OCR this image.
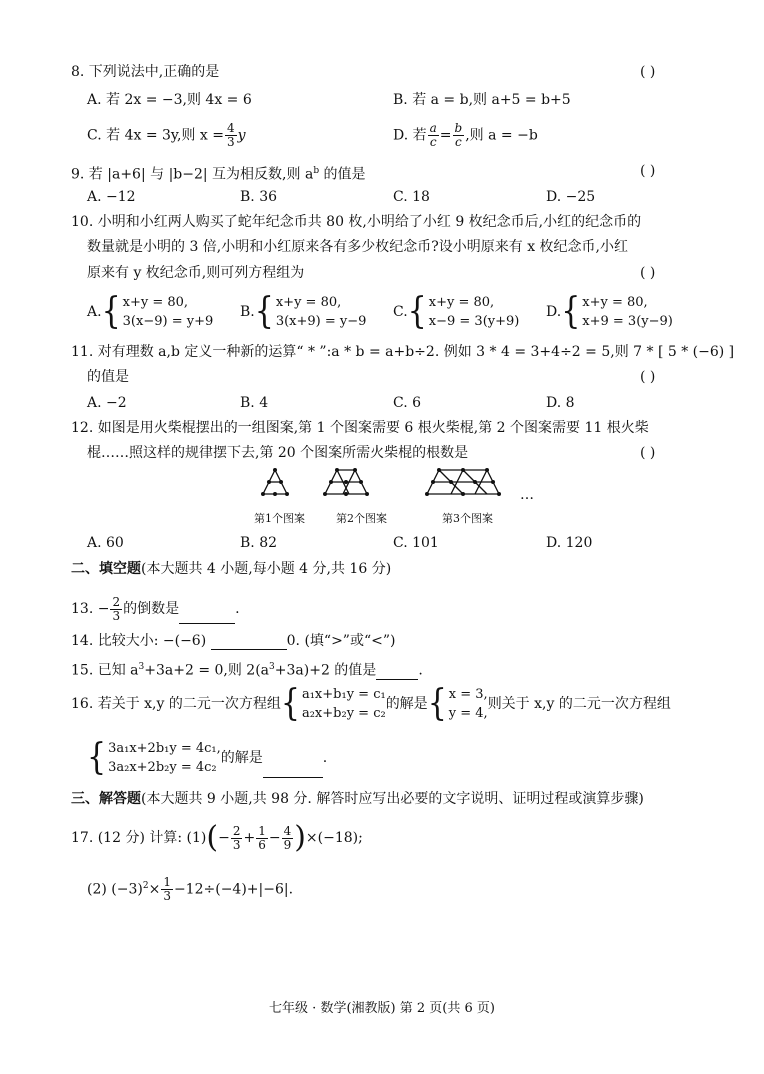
8. 下列说法中,正确的是	( )
A. 若 2x = −3,则 4x = 6	B. 若 a = b,则 a+5 = b+5
C. 若 4x = 3y,则 $x = \frac{4}{3}$ y	D. 若 $\frac{a}{c} = \frac{b}{c}$ ,则 a = −b
9. 若 |a+6| 与 |b−2| 互为相反数,则 $a^b$ 的值是	( )
A. −12	B. 36	C. 18	D. −25
10. 小明和小红两人购买了蛇年纪念币共 80 枚,小明给了小红 9 枚纪念币后,小红的纪念币的
数量就是小明的 3 倍,小明和小红原来各有多少枚纪念币?设小明原来有 x 枚纪念币,小红
原来有 y 枚纪念币,则可列方程组为	( )
A.{ x+y = 80,
3(x−9) = y+9
B.{ x+y = 80,
3(x+9) = y−9
C.{ x+y = 80,
x−9 = 3(y+9)
D.{ x+y = 80,
x+9 = 3(y−9)
11. 对有理数 a,b 定义一种新的运算“ * ”:a * b = a+b÷2. 例如 3 * 4 = 3+4÷2 = 5,则 7 * [ 5 * (−6) ]
的值是	( )
A. −2	B. 4	C. 6	D. 8
12. 如图是用火柴棍摆出的一组图案,第 1 个图案需要 6 根火柴棍,第 2 个图案需要 11 根火柴
棍……照这样的规律摆下去,第 20 个图案所需火柴棍的根数是	( )
第1个图案	第2个图案	第3个图案
…
A. 60	B. 82	C. 101	D. 120
二、填空题(本大题共 4 小题,每小题 4 分,共 16 分)
13. − $\frac{2}{3}$ 的倒数是	.
14. 比较大小: −(−6)	0. (填“>”或“<”)
15. 已知 $a^3+3a+2 = 0$,则 $2(a^3+3a)+2$ 的值是	.
16. 若关于 x,y 的二元一次方程组{ a₁x+b₁y = c₁
a₂x+b₂y = c₂
的解是{ x = 3,
y = 4,
则关于 x,y 的二元一次方程组
{ 3a₁x+2b₁y = 4c₁,
3a₂x+2b₂y = 4c₂
的解是	.
三、解答题(本大题共 9 小题,共 98 分. 解答时应写出必要的文字说明、证明过程或演算步骤)
17. (12 分) 计算: $(1)(- \frac{2}{3} + \frac{1}{6} - \frac{4}{9} )\times(-18)$;
(2) $(-3)^2\times \frac{1}{3} -12\div(-4)+|-6|$.
七年级 · 数学(湘教版) 第 2 页(共 6 页)
